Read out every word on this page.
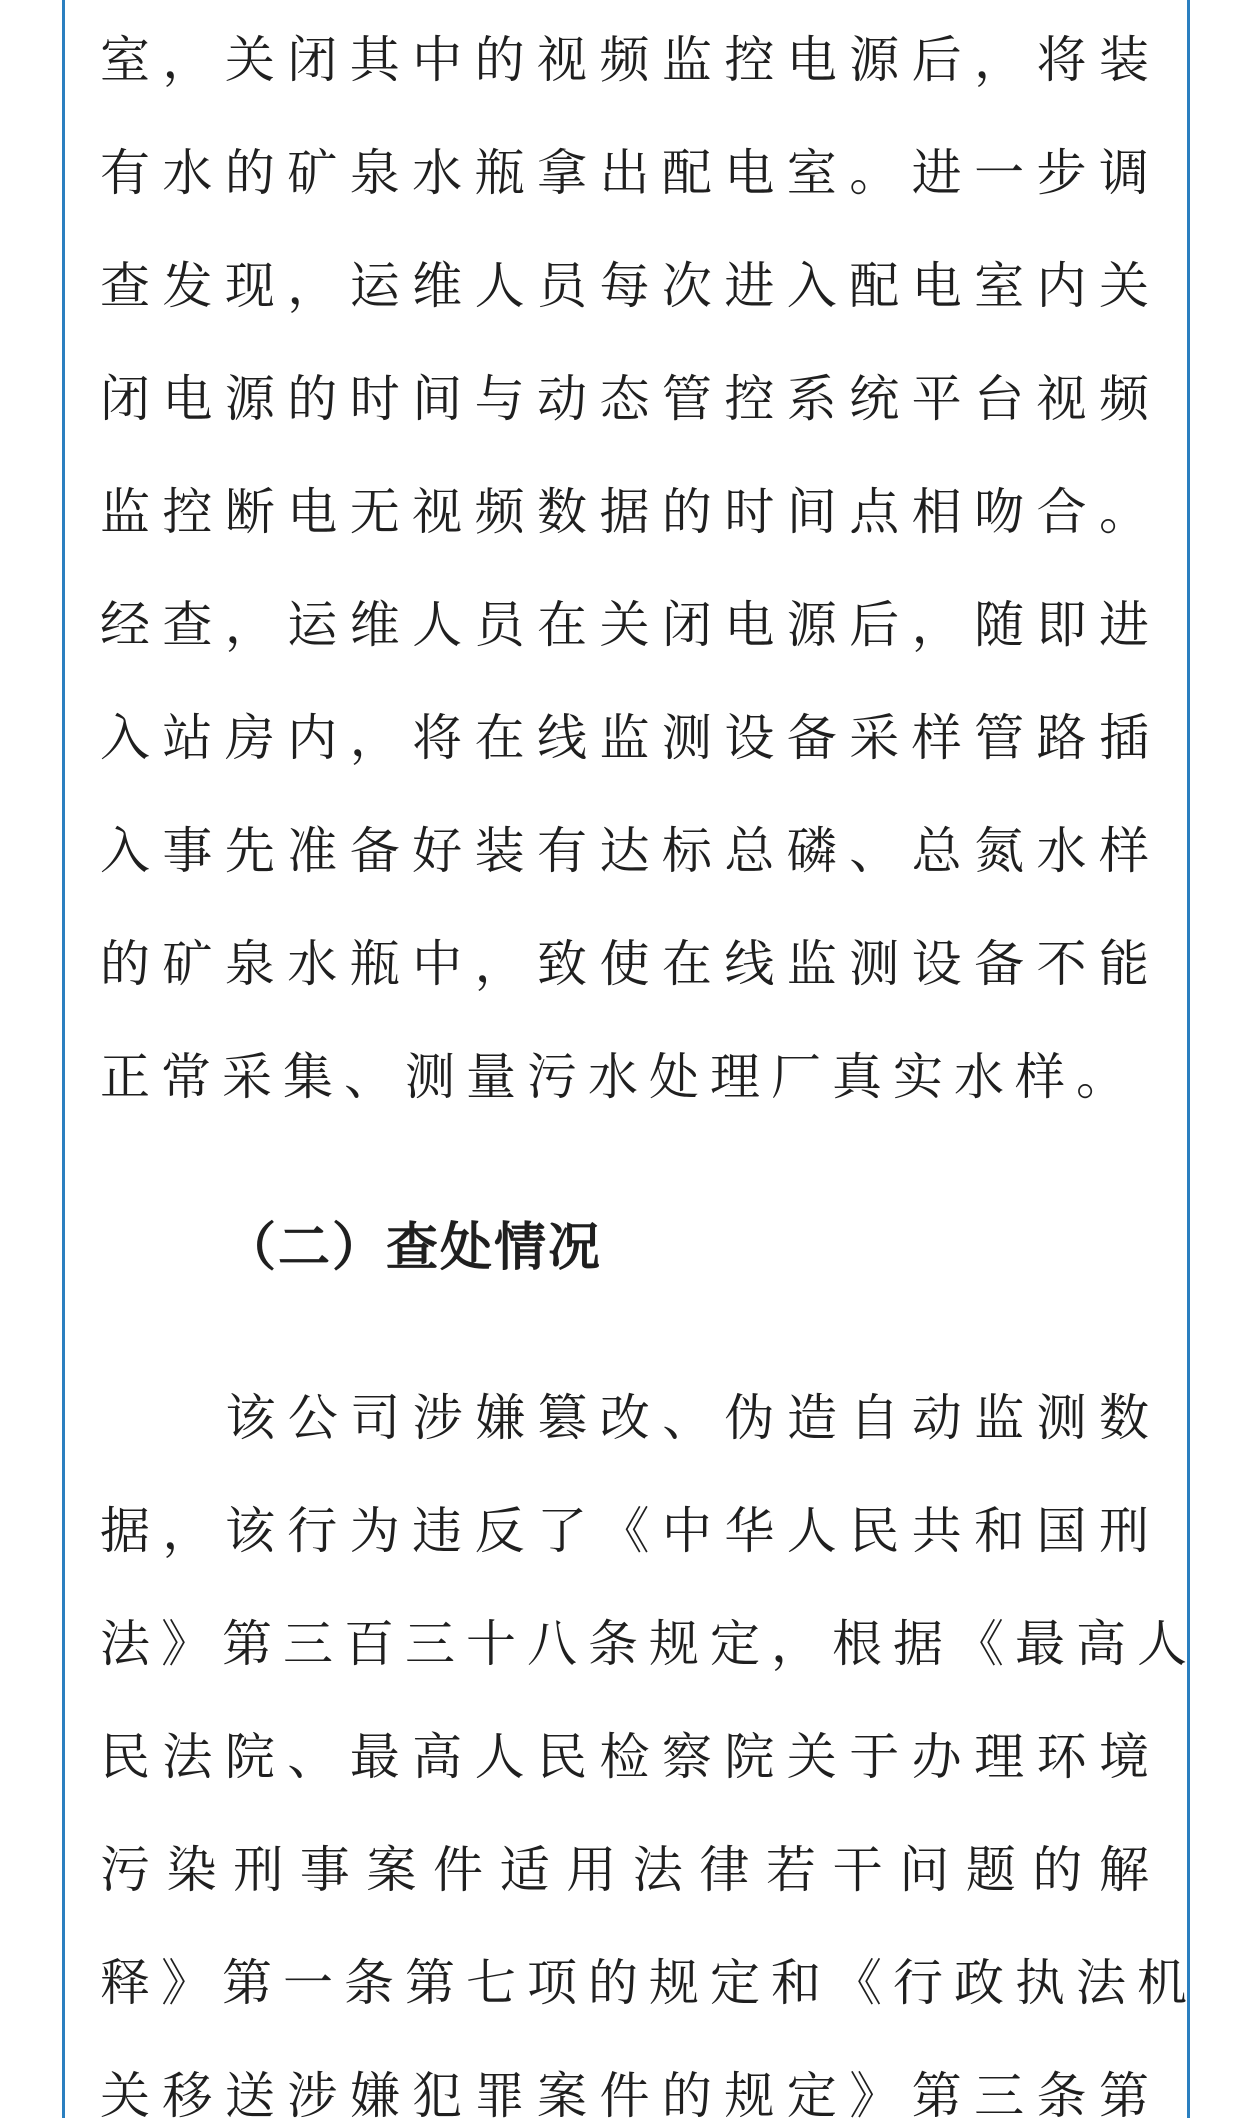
室，关闭其中的视频监控电源后，将装
有水的矿泉水瓶拿出配电室。进一步调
查发现，运维人员每次进入配电室内关
闭电源的时间与动态管控系统平台视频
监控断电无视频数据的时间点相吻合。
经查，运维人员在关闭电源后，随即进
入站房内，将在线监测设备采样管路插
入事先准备好装有达标总磷、总氮水样
的矿泉水瓶中，致使在线监测设备不能
正常采集、测量污水处理厂真实水样。
（二）查处情况
该公司涉嫌篡改、伪造自动监测数
据，该行为违反了《中华人民共和国刑
法》第三百三十八条规定，根据《最高人
民法院、最高人民检察院关于办理环境
污染刑事案件适用法律若干问题的解
释》第一条第七项的规定和《行政执法机
关移送涉嫌犯罪案件的规定》第三条第
